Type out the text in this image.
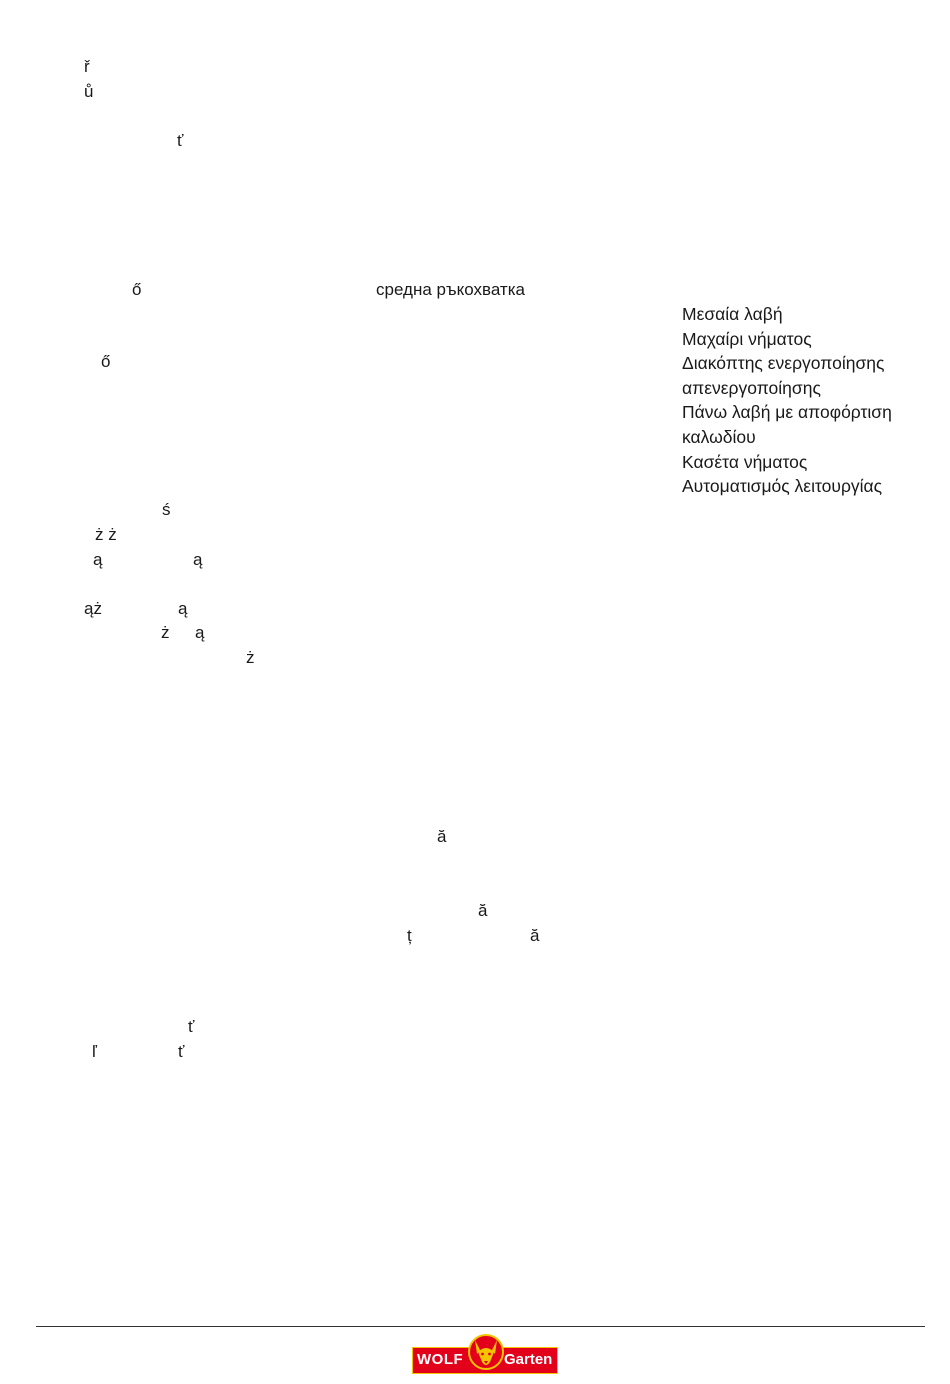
ř
ů
ť
ő	средна ръкохватка
ő
Μεσαία λαβή
Μαχαίρι νήματος
Διακόπτης ενεργοποίησης
απενεργοποίησης
Πάνω λαβή με αποφόρτιση
καλωδίου
Κασέτα νήματος
Αυτοματισμός λειτουργίας
ś
ż ż
ą	ą
ąż	ą
ż ą
ż
ă
ă
ț	ă
ť
ľ	ť
WOLF	Garten
